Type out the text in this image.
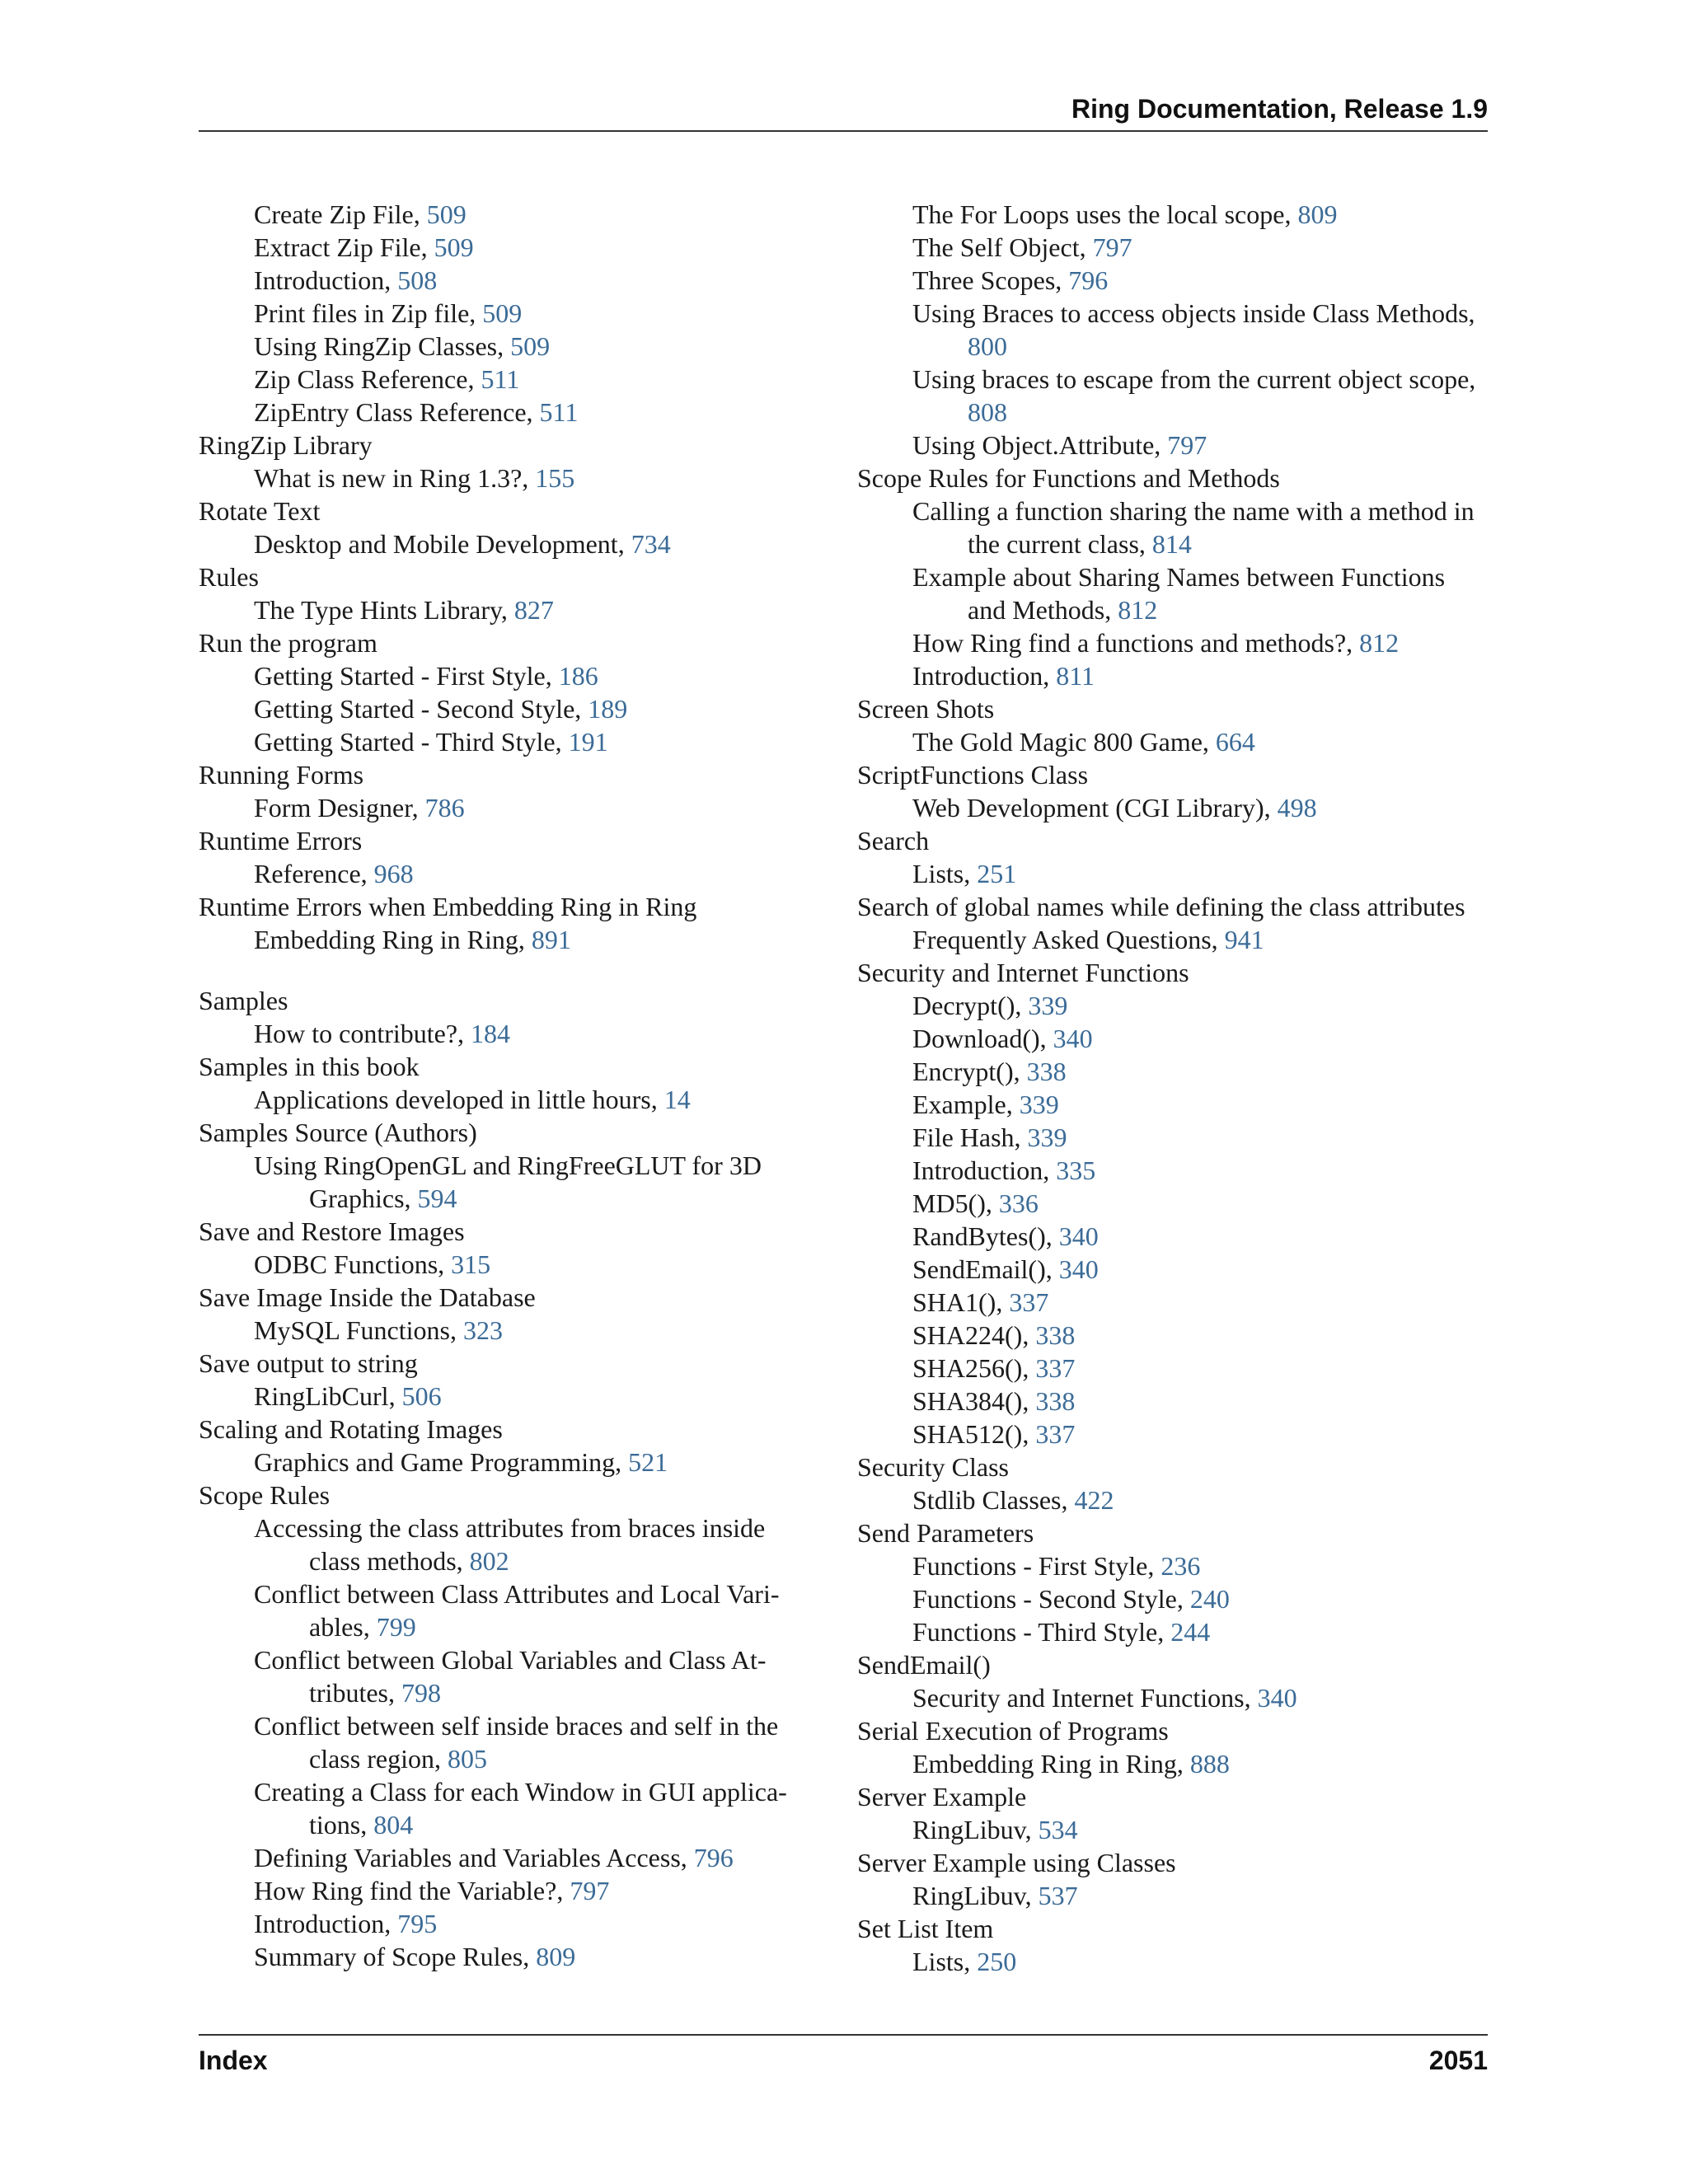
Ring Documentation, Release 1.9
Create Zip File, 509
Extract Zip File, 509
Introduction, 508
Print files in Zip file, 509
Using RingZip Classes, 509
Zip Class Reference, 511
ZipEntry Class Reference, 511
RingZip Library
What is new in Ring 1.3?, 155
Rotate Text
Desktop and Mobile Development, 734
Rules
The Type Hints Library, 827
Run the program
Getting Started - First Style, 186
Getting Started - Second Style, 189
Getting Started - Third Style, 191
Running Forms
Form Designer, 786
Runtime Errors
Reference, 968
Runtime Errors when Embedding Ring in Ring
Embedding Ring in Ring, 891
Samples
How to contribute?, 184
Samples in this book
Applications developed in little hours, 14
Samples Source (Authors)
Using RingOpenGL and RingFreeGLUT for 3D
Graphics, 594
Save and Restore Images
ODBC Functions, 315
Save Image Inside the Database
MySQL Functions, 323
Save output to string
RingLibCurl, 506
Scaling and Rotating Images
Graphics and Game Programming, 521
Scope Rules
Accessing the class attributes from braces inside
class methods, 802
Conflict between Class Attributes and Local Vari-
ables, 799
Conflict between Global Variables and Class At-
tributes, 798
Conflict between self inside braces and self in the
class region, 805
Creating a Class for each Window in GUI applica-
tions, 804
Defining Variables and Variables Access, 796
How Ring find the Variable?, 797
Introduction, 795
Summary of Scope Rules, 809
The For Loops uses the local scope, 809
The Self Object, 797
Three Scopes, 796
Using Braces to access objects inside Class Methods,
800
Using braces to escape from the current object scope,
808
Using Object.Attribute, 797
Scope Rules for Functions and Methods
Calling a function sharing the name with a method in
the current class, 814
Example about Sharing Names between Functions
and Methods, 812
How Ring find a functions and methods?, 812
Introduction, 811
Screen Shots
The Gold Magic 800 Game, 664
ScriptFunctions Class
Web Development (CGI Library), 498
Search
Lists, 251
Search of global names while defining the class attributes
Frequently Asked Questions, 941
Security and Internet Functions
Decrypt(), 339
Download(), 340
Encrypt(), 338
Example, 339
File Hash, 339
Introduction, 335
MD5(), 336
RandBytes(), 340
SendEmail(), 340
SHA1(), 337
SHA224(), 338
SHA256(), 337
SHA384(), 338
SHA512(), 337
Security Class
Stdlib Classes, 422
Send Parameters
Functions - First Style, 236
Functions - Second Style, 240
Functions - Third Style, 244
SendEmail()
Security and Internet Functions, 340
Serial Execution of Programs
Embedding Ring in Ring, 888
Server Example
RingLibuv, 534
Server Example using Classes
RingLibuv, 537
Set List Item
Lists, 250
Index	2051
